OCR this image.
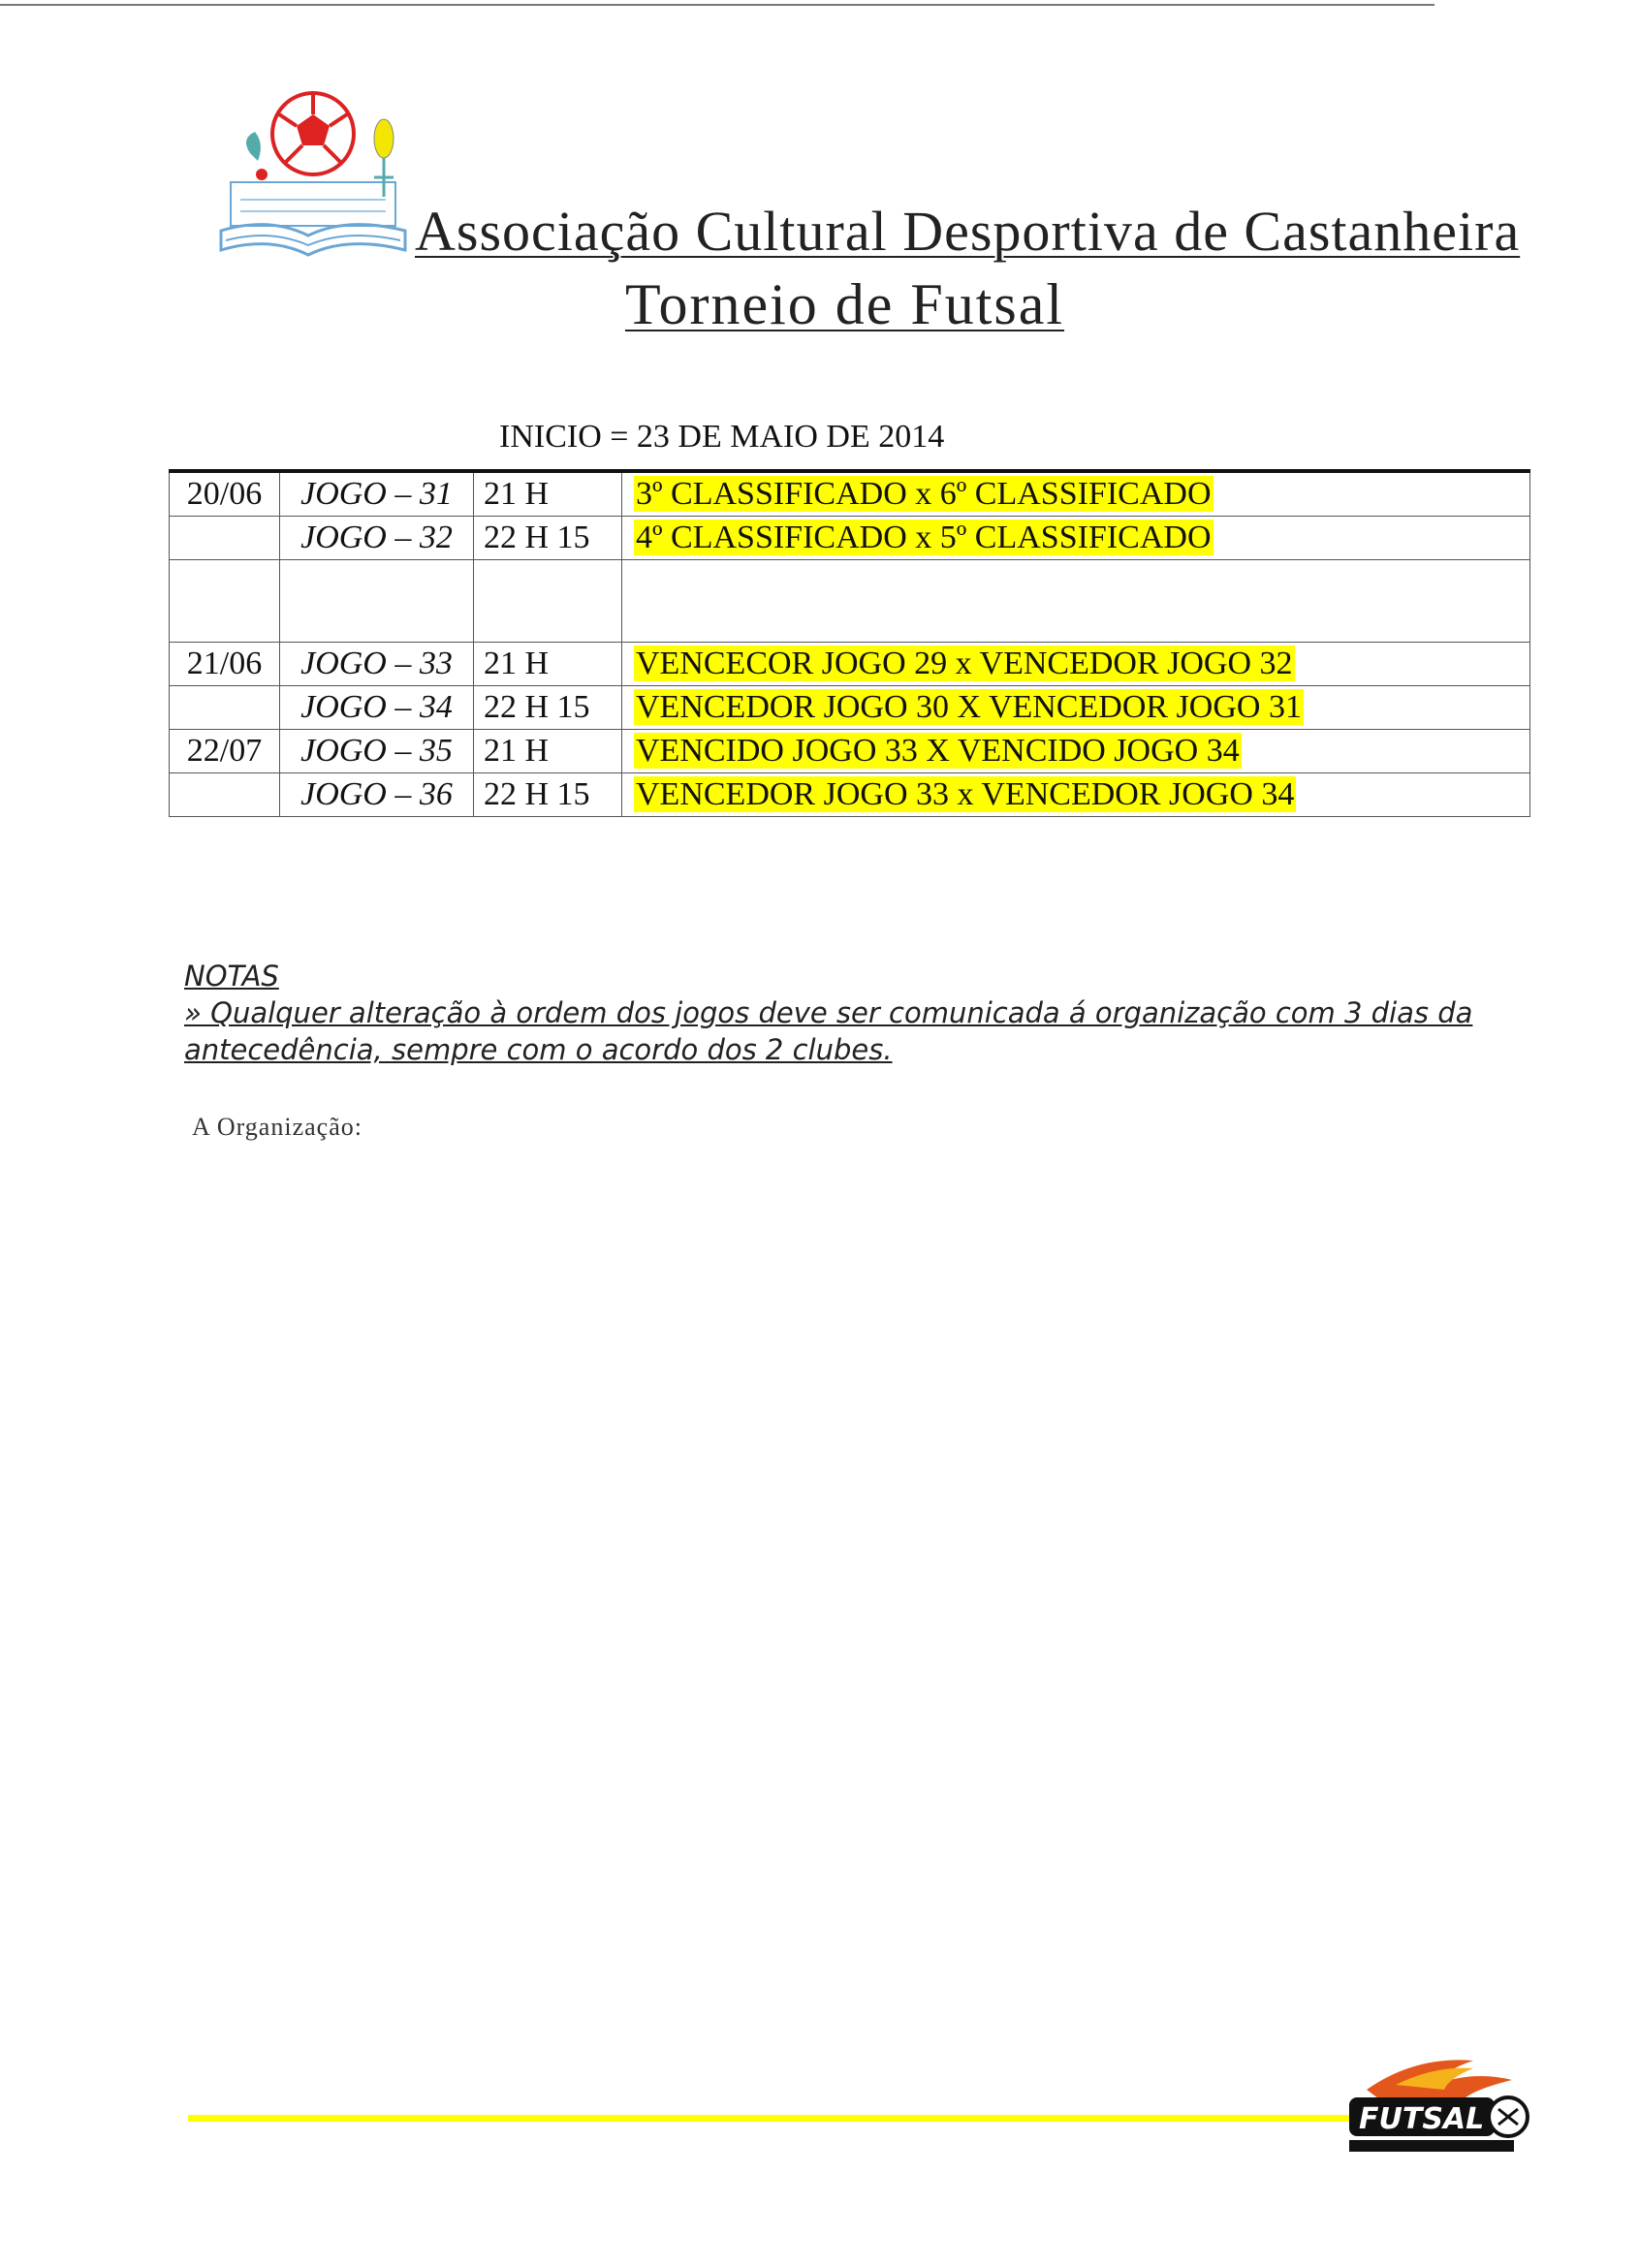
Associação Cultural Desportiva de Castanheira
Torneio de Futsal
INICIO = 23 DE MAIO DE 2014
20/06	JOGO – 31	21 H	3º CLASSIFICADO x 6º CLASSIFICADO
	JOGO – 32	22 H 15	4º CLASSIFICADO x 5º CLASSIFICADO

21/06	JOGO – 33	21 H	VENCECOR JOGO 29 x VENCEDOR JOGO 32
	JOGO – 34	22 H 15	VENCEDOR JOGO 30 X VENCEDOR JOGO 31
22/07	JOGO – 35	21 H	VENCIDO JOGO 33 X VENCIDO JOGO 34
	JOGO – 36	22 H 15	VENCEDOR JOGO 33 x VENCEDOR JOGO 34
NOTAS
» Qualquer alteração à ordem dos jogos deve ser comunicada á organização com 3 dias da antecedência, sempre com o acordo dos 2 clubes.
A Organização:
FUTSAL
